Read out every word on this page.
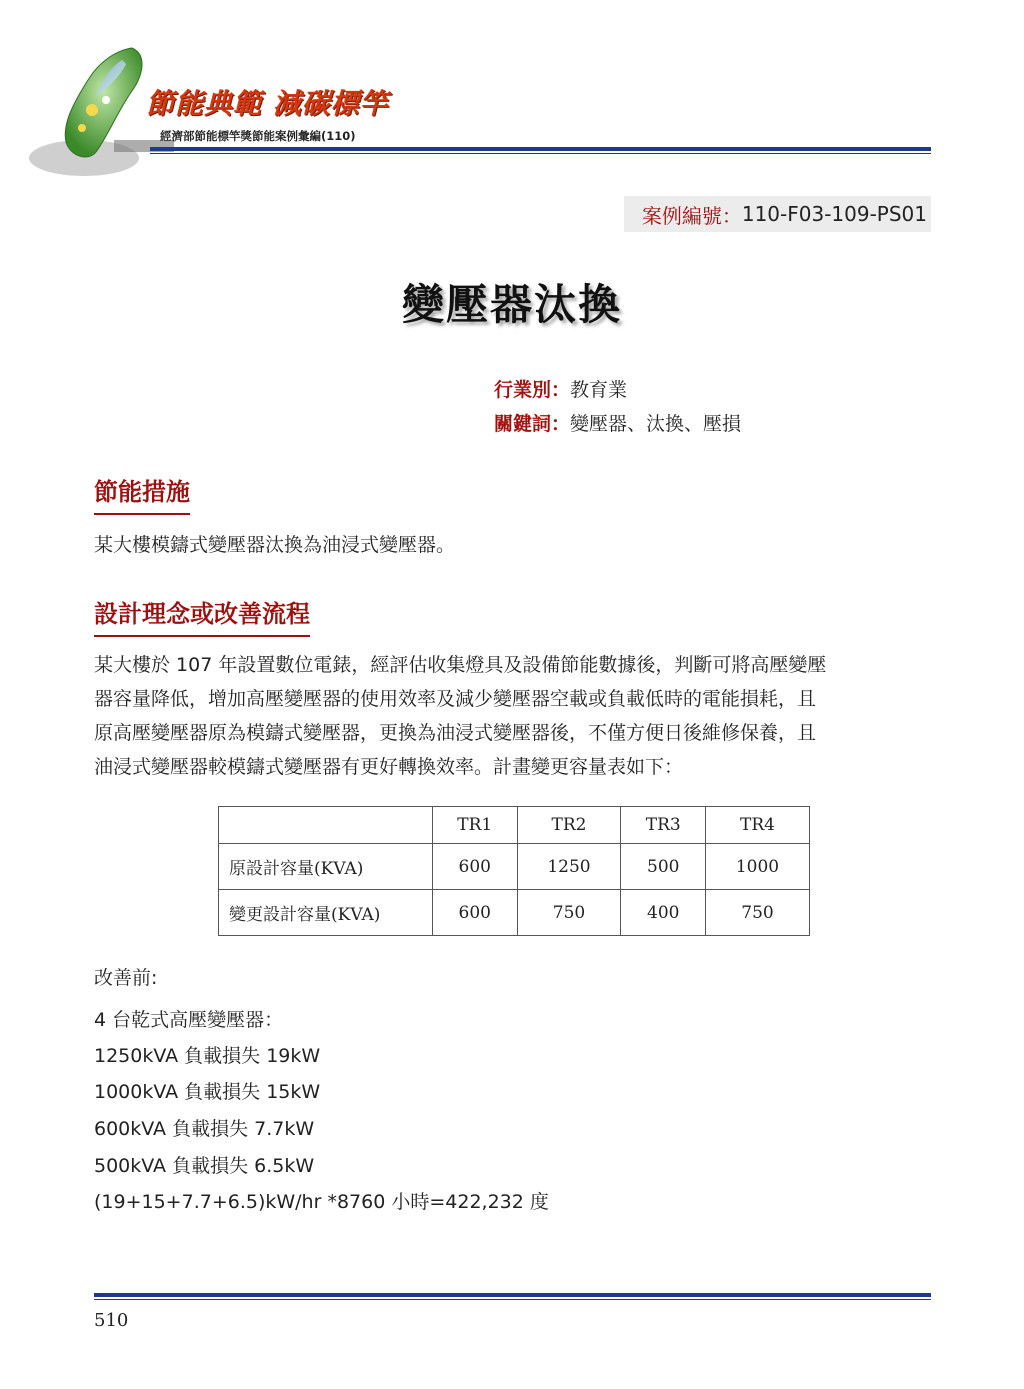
節能典範 減碳標竿
經濟部節能標竿獎節能案例彙編(110)
案例編號： 110-F03-109-PS01
變壓器汰換
行業別：教育業
關鍵詞：變壓器、汰換、壓損
節能措施
某大樓模鑄式變壓器汰換為油浸式變壓器。
設計理念或改善流程
某大樓於 107 年設置數位電錶，經評估收集燈具及設備節能數據後，判斷可將高壓變壓
器容量降低，增加高壓變壓器的使用效率及減少變壓器空載或負載低時的電能損耗，且
原高壓變壓器原為模鑄式變壓器，更換為油浸式變壓器後，不僅方便日後維修保養，且
油浸式變壓器較模鑄式變壓器有更好轉換效率。計畫變更容量表如下：
	TR1	TR2	TR3	TR4
原設計容量(KVA)	600	1250	500	1000
變更設計容量(KVA)	600	750	400	750
改善前:
4 台乾式高壓變壓器：
1250kVA 負載損失 19kW
1000kVA 負載損失 15kW
600kVA 負載損失 7.7kW
500kVA 負載損失 6.5kW
(19+15+7.7+6.5)kW/hr *8760 小時=422,232 度
510
